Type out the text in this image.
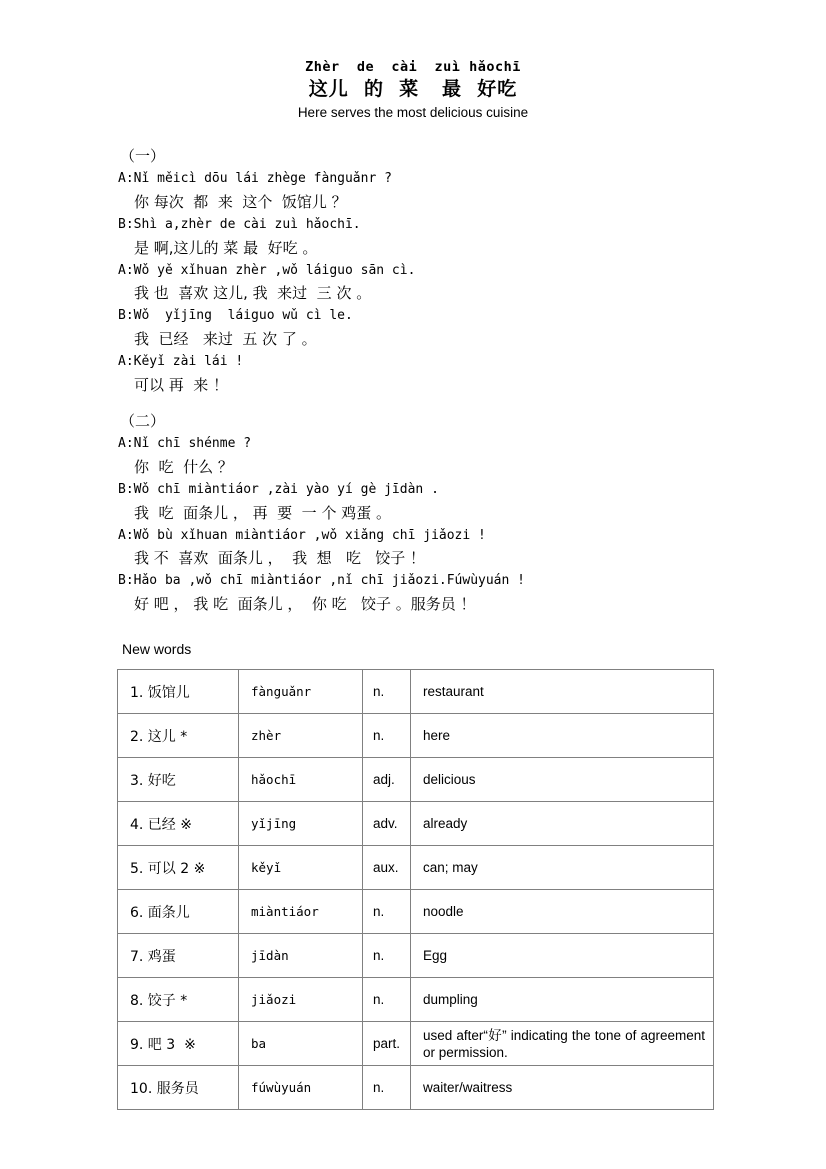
Zhèr  de  cài  zuì hǎochī
这儿  的  菜   最  好吃
Here serves the most delicious cuisine
（一）
A:Nǐ měicì dōu lái zhège fànguǎnr ?
你 每次  都  来  这个  饭馆儿 ？
B:Shì a,zhèr de cài zuì hǎochī.
是 啊,这儿的 菜 最  好吃 。
A:Wǒ yě xǐhuan zhèr ,wǒ láiguo sān cì.
我 也  喜欢 这儿, 我  来过  三 次 。
B:Wǒ  yǐjīng  láiguo wǔ cì le.
我  已经   来过  五 次 了 。
A:Kěyǐ zài lái !
可以 再  来 ！
（二）
A:Nǐ chī shénme ?
你  吃  什么 ？
B:Wǒ chī miàntiáor ,zài yào yí gè jīdàn .
我  吃  面条儿 ， 再  要  一 个 鸡蛋 。
A:Wǒ bù xǐhuan miàntiáor ,wǒ xiǎng chī jiǎozi !
我 不  喜欢  面条儿 ，  我  想   吃   饺子 ！
B:Hǎo ba ,wǒ chī miàntiáor ,nǐ chī jiǎozi.Fúwùyuán !
好 吧 ， 我 吃  面条儿 ，  你 吃   饺子 。服务员 ！
New words
1. 饭馆儿	fànguǎnr	n.	restaurant
2. 这儿 *	zhèr	n.	here
3. 好吃	hǎochī	adj.	delicious
4. 已经 ※	yǐjīng	adv.	already
5. 可以 2 ※	kěyǐ	aux.	can; may
6. 面条儿	miàntiáor	n.	noodle
7. 鸡蛋	jīdàn	n.	Egg
8. 饺子 *	jiǎozi	n.	dumpling
9. 吧 3  ※	ba	part.	used after“好” indicating the tone of agreement or permission.
10. 服务员	fúwùyuán	n.	waiter/waitress
